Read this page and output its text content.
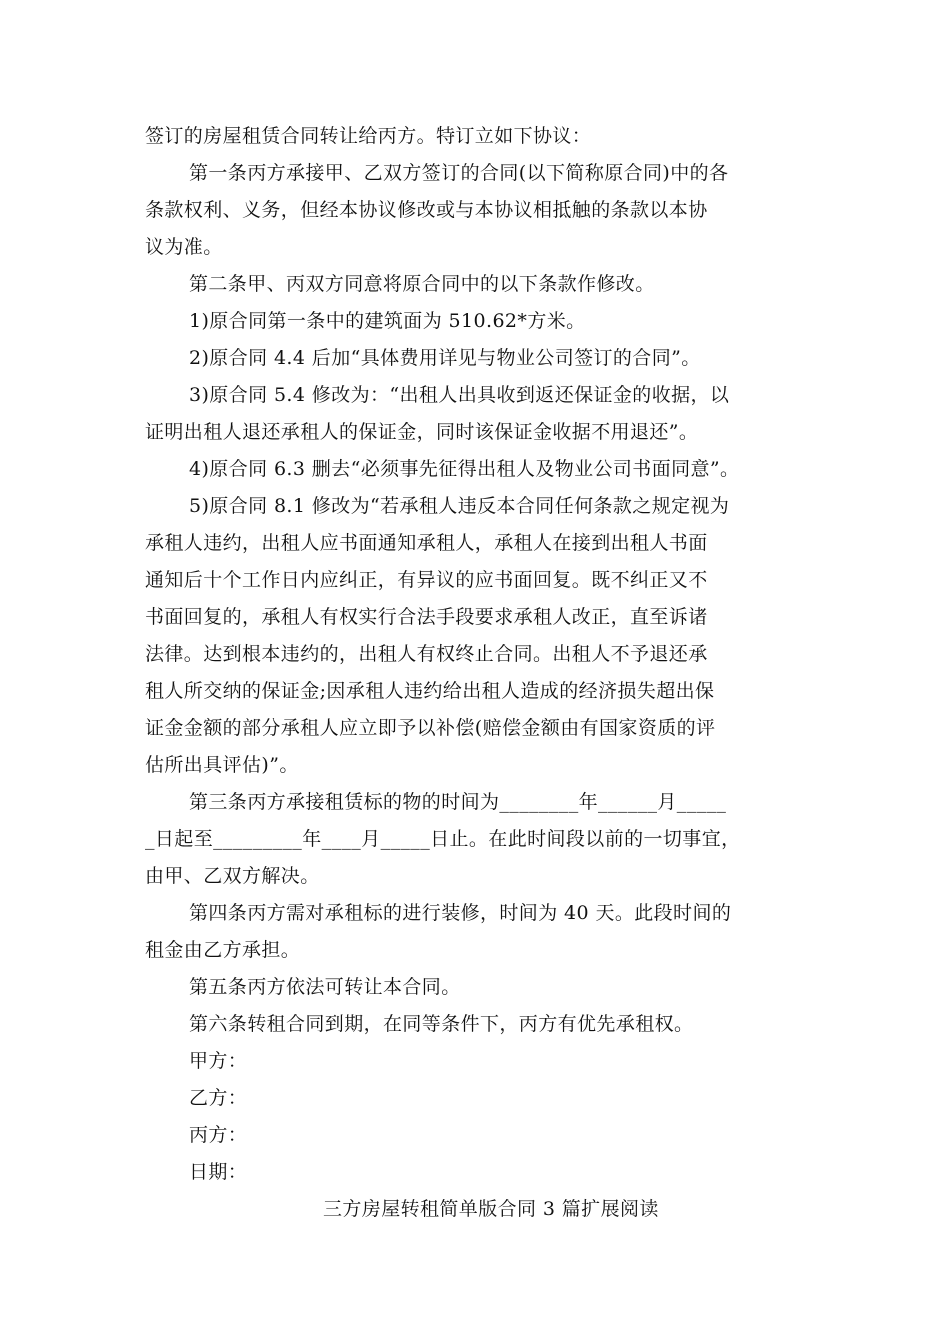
签订的房屋租赁合同转让给丙方。特订立如下协议：
第一条丙方承接甲、乙双方签订的合同(以下简称原合同)中的各
条款权利、义务，但经本协议修改或与本协议相抵触的条款以本协
议为准。
第二条甲、丙双方同意将原合同中的以下条款作修改。
1)原合同第一条中的建筑面为 510.62*方米。
2)原合同 4.4 后加“具体费用详见与物业公司签订的合同”。
3)原合同 5.4 修改为：“出租人出具收到返还保证金的收据，以
证明出租人退还承租人的保证金，同时该保证金收据不用退还”。
4)原合同 6.3 删去“必须事先征得出租人及物业公司书面同意”。
5)原合同 8.1 修改为“若承租人违反本合同任何条款之规定视为
承租人违约，出租人应书面通知承租人，承租人在接到出租人书面
通知后十个工作日内应纠正，有异议的应书面回复。既不纠正又不
书面回复的，承租人有权实行合法手段要求承租人改正，直至诉诸
法律。达到根本违约的，出租人有权终止合同。出租人不予退还承
租人所交纳的保证金;因承租人违约给出租人造成的经济损失超出保
证金金额的部分承租人应立即予以补偿(赔偿金额由有国家资质的评
估所出具评估)”。
第三条丙方承接租赁标的物的时间为________年______月_____
_日起至_________年____月_____日止。在此时间段以前的一切事宜，
由甲、乙双方解决。
第四条丙方需对承租标的进行装修，时间为 40 天。此段时间的
租金由乙方承担。
第五条丙方依法可转让本合同。
第六条转租合同到期，在同等条件下，丙方有优先承租权。
甲方：
乙方：
丙方：
日期：
三方房屋转租简单版合同 3 篇扩展阅读
